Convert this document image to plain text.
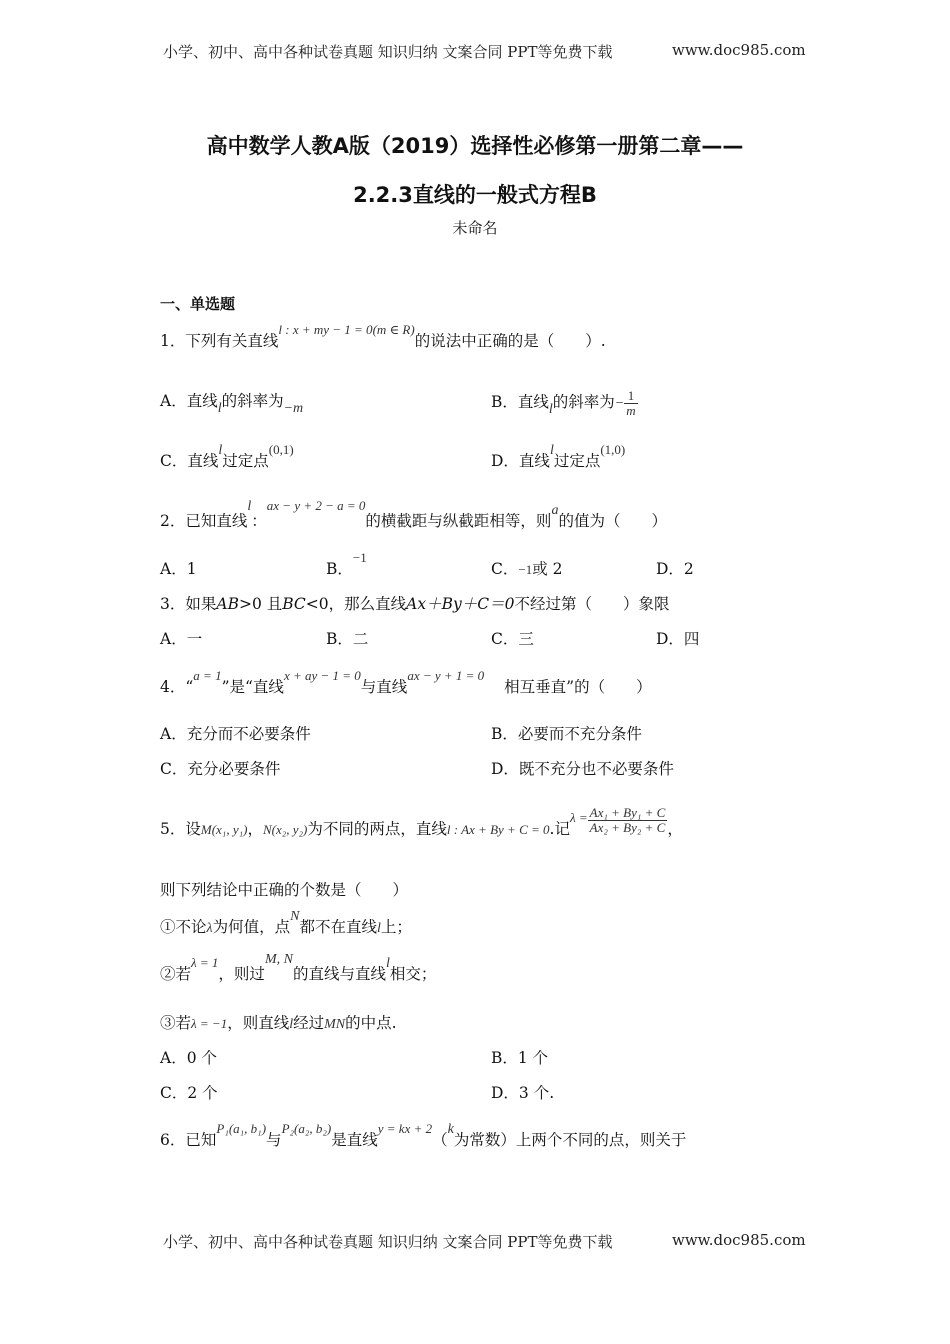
小学、初中、高中各种试卷真题 知识归纳 文案合同 PPT等免费下载	www.doc985.com
高中数学人教A版（2019）选择性必修第一册第二章——
2.2.3直线的一般式方程B
未命名
一、单选题
1．下列有关直线$^{l : x + my - 1 = 0(m \in R)}$的说法中正确的是（　　）.
A．直线l的斜率为−m	B．直线l的斜率为− $\frac{1}{m}$
C．直线l过定点$^{(0,1)}$
D．直线l过定点$^{(1,0)}$
2．已知直线l：$^{ax - y + 2 - a = 0}$的横截距与纵截距相等，则a的值为（　　）
A．1	B．$^{-1}$
C．−1或 2	D．2
3．如果AB>0 且BC<0，那么直线Ax＋By＋C＝0不经过第（　　）象限
A．一	B．二	C．三	D．四
4．“$^{a = 1}$”是“直线$^{x + ay - 1 = 0}$与直线$^{ax - y + 1 = 0}$相互垂直”的（　　）
A．充分而不必要条件	B．必要而不充分条件
C．充分必要条件	D．既不充分也不必要条件
5．设M(x₁, y₁)，N(x₂, y₂)为不同的两点，直线l : Ax + By + C = 0.记$^{\lambda =} \frac{\text{Ax₁ + By₁ + C}}{\text{Ax₂ + By₂ + C}}$ ，
则下列结论中正确的个数是（　　）
①不论λ为何值，点N都不在直线l上；
②若$^{\lambda = 1}$，则过M, N的直线与直线l相交；
③若λ = −1，则直线l经过MN的中点.
A．0 个	B．1 个
C．2 个	D．3 个.
6．已知$^{P_1(a_1, b_1)}$与$^{P_2(a_2, b_2)}$是直线$^{y = kx + 2}$（k为常数）上两个不同的点，则关于
小学、初中、高中各种试卷真题 知识归纳 文案合同 PPT等免费下载	www.doc985.com
